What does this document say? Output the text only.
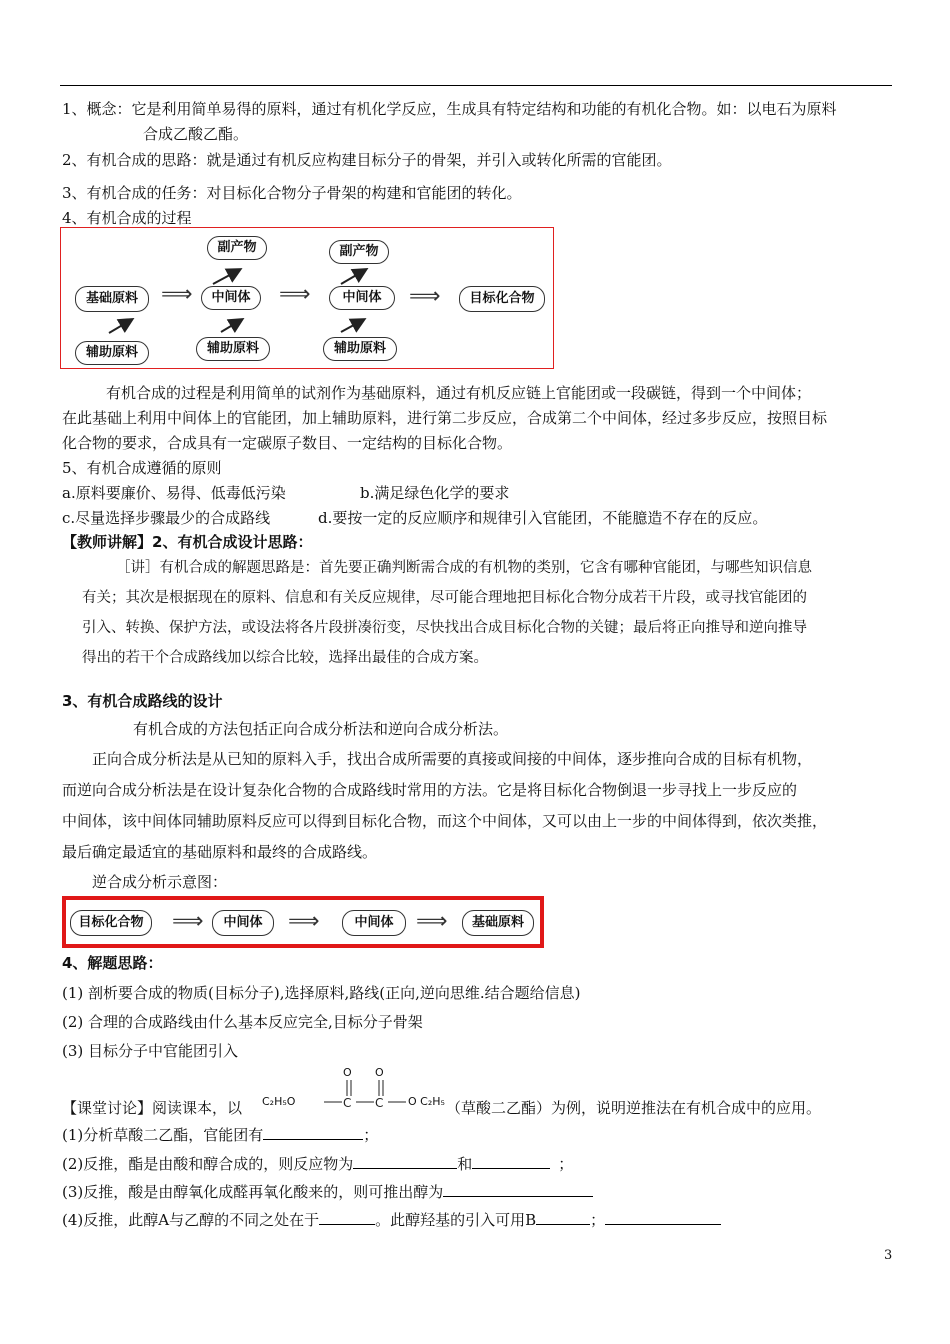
1、概念：它是利用简单易得的原料，通过有机化学反应，生成具有特定结构和功能的有机化合物。如：以电石为原料
合成乙酸乙酯。
2、有机合成的思路：就是通过有机反应构建目标分子的骨架，并引入或转化所需的官能团。
3、有机合成的任务：对目标化合物分子骨架的构建和官能团的转化。
4、有机合成的过程
基础原料
辅助原料
副产物
中间体
辅助原料
副产物
中间体
辅助原料
目标化合物
⟹	⟹	⟹
有机合成的过程是利用简单的试剂作为基础原料，通过有机反应链上官能团或一段碳链，得到一个中间体；
在此基础上利用中间体上的官能团，加上辅助原料，进行第二步反应，合成第二个中间体，经过多步反应，按照目标
化合物的要求，合成具有一定碳原子数目、一定结构的目标化合物。
5、有机合成遵循的原则
a.原料要廉价、易得、低毒低污染	b.满足绿色化学的要求
c.尽量选择步骤最少的合成路线	d.要按一定的反应顺序和规律引入官能团，不能臆造不存在的反应。
【教师讲解】2、有机合成设计思路：
［讲］有机合成的解题思路是：首先要正确判断需合成的有机物的类别，它含有哪种官能团，与哪些知识信息
有关；其次是根据现在的原料、信息和有关反应规律，尽可能合理地把目标化合物分成若干片段，或寻找官能团的
引入、转换、保护方法，或设法将各片段拼凑衍变，尽快找出合成目标化合物的关键；最后将正向推导和逆向推导
得出的若干个合成路线加以综合比较，选择出最佳的合成方案。
3、有机合成路线的设计
有机合成的方法包括正向合成分析法和逆向合成分析法。
正向合成分析法是从已知的原料入手，找出合成所需要的真接或间接的中间体，逐步推向合成的目标有机物，
而逆向合成分析法是在设计复杂化合物的合成路线时常用的方法。它是将目标化合物倒退一步寻找上一步反应的
中间体，该中间体同辅助原料反应可以得到目标化合物，而这个中间体，又可以由上一步的中间体得到，依次类推，
最后确定最适宜的基础原料和最终的合成路线。
逆合成分析示意图：
目标化合物	⟹	中间体	⟹	中间体	⟹	基础原料
4、解题思路：
(1) 剖析要合成的物质(目标分子),选择原料,路线(正向,逆向思维.结合题给信息)
(2) 合理的合成路线由什么基本反应完全,目标分子骨架
(3) 目标分子中官能团引入
【课堂讨论】阅读课本，以	C C
C₂H₅O	O C₂H₅
O O
（草酸二乙酯）为例，说明逆推法在有机合成中的应用。
(1)分析草酸二乙酯，官能团有	；
(2)反推，酯是由酸和醇合成的，则反应物为	和	；
(3)反推，酸是由醇氧化成醛再氧化酸来的，则可推出醇为
(4)反推，此醇A与乙醇的不同之处在于	。此醇羟基的引入可用B	；
3
